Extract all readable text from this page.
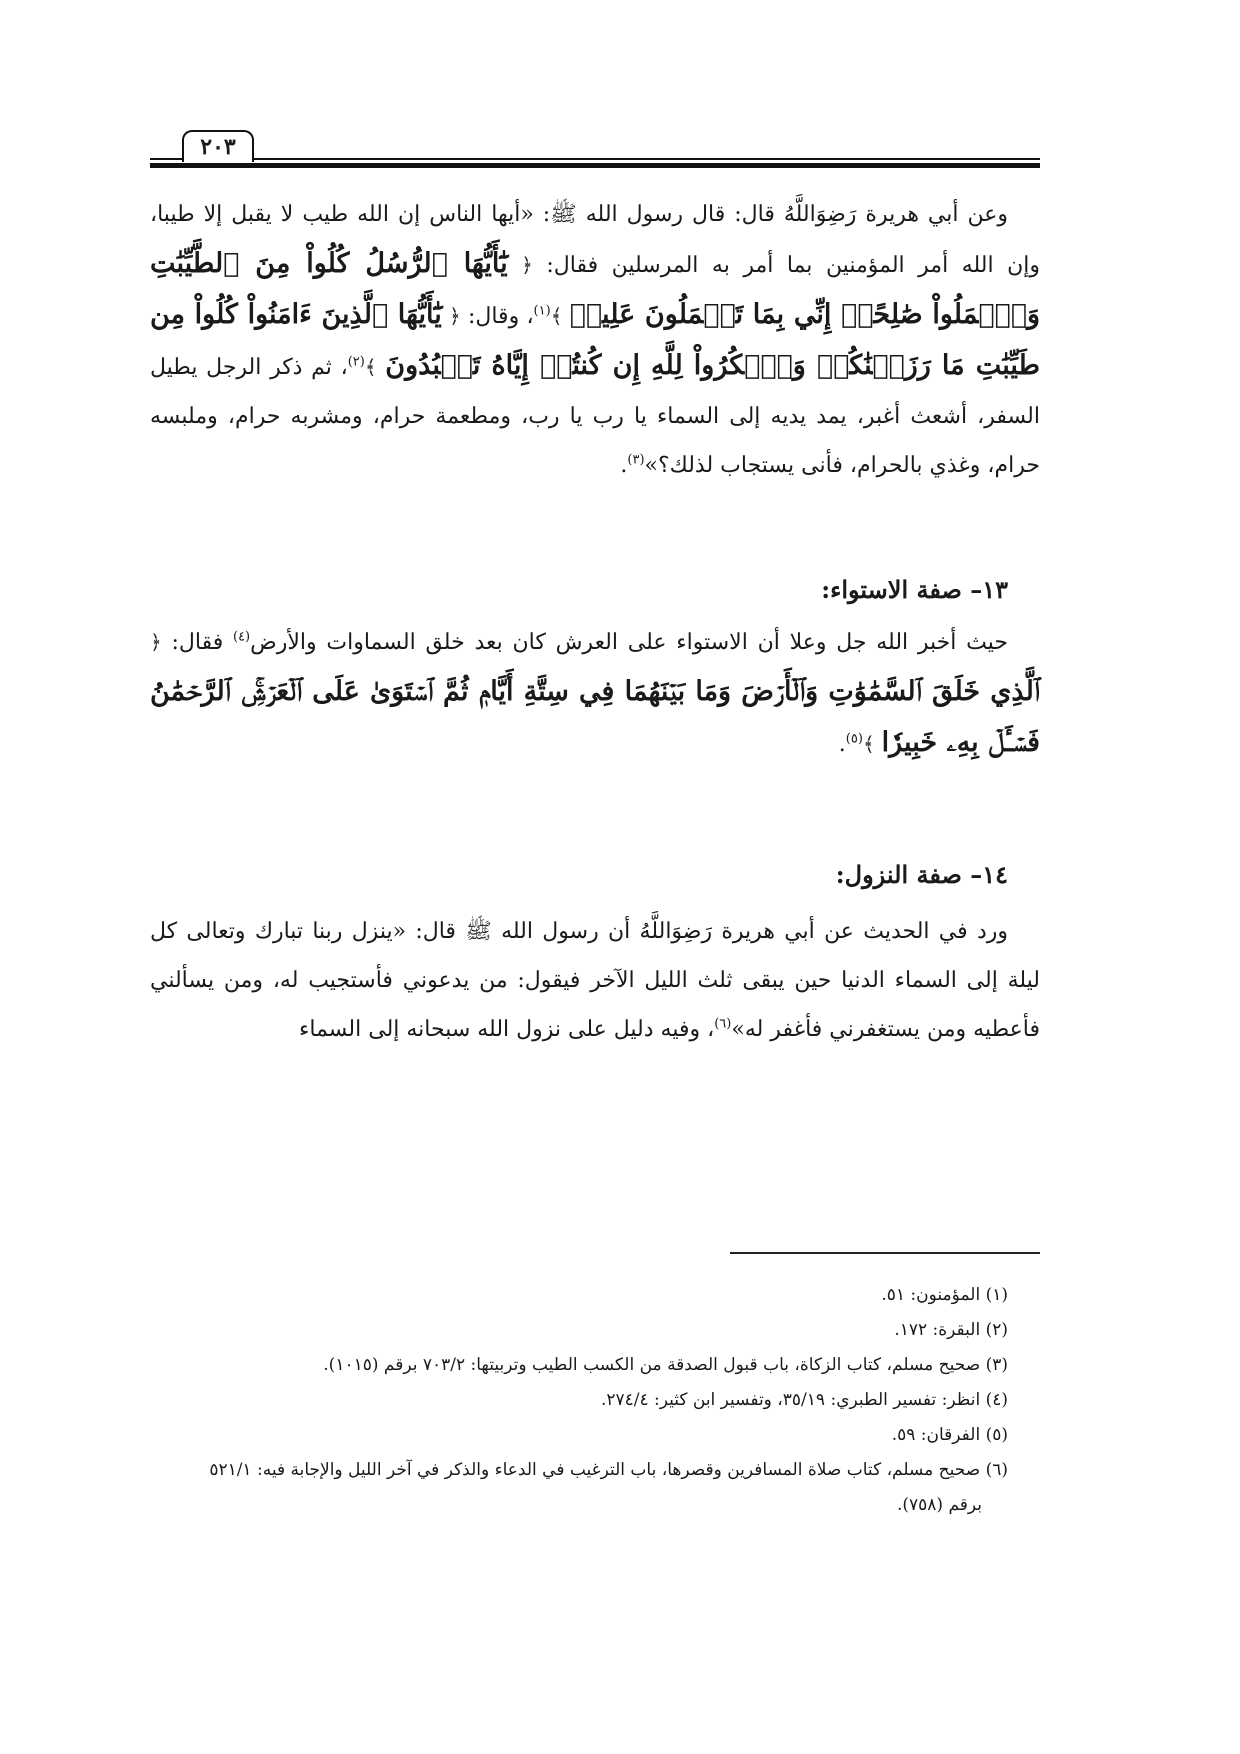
٢٠٣

وعن أبي هريرة رَضِوَاللَّهُ قال: قال رسول الله ﷺ: «أيها الناس إن الله طيب لا يقبل إلا طيبا، وإن الله أمر المؤمنين بما أمر به المرسلين فقال: ﴿ يَٰٓأَيُّهَا ٱلرُّسُلُ كُلُواْ مِنَ ٱلطَّيِّبَٰتِ وَٱعۡمَلُواْ صَٰلِحًاۖ إِنِّي بِمَا تَعۡمَلُونَ عَلِيمٞ ﴾$^{(١)}$، وقال: ﴿ يَٰٓأَيُّهَا ٱلَّذِينَ ءَامَنُواْ كُلُواْ مِن طَيِّبَٰتِ مَا رَزَقۡنَٰكُمۡ وَٱشۡكُرُواْ لِلَّهِ إِن كُنتُمۡ إِيَّاهُ تَعۡبُدُونَ ﴾$^{(٢)}$، ثم ذكر الرجل يطيل السفر، أشعث أغبر، يمد يديه إلى السماء يا رب يا رب، ومطعمة حرام، ومشربه حرام، وملبسه حرام، وغذي بالحرام، فأنى يستجاب لذلك؟»$^{(٣)}$.

١٣– صفة الاستواء:

حيث أخبر الله جل وعلا أن الاستواء على العرش كان بعد خلق السماوات والأرض$^{(٤)}$ فقال: ﴿ ٱلَّذِي خَلَقَ ٱلسَّمَٰوَٰتِ وَٱلۡأَرۡضَ وَمَا بَيۡنَهُمَا فِي سِتَّةِ أَيَّامٖ ثُمَّ ٱسۡتَوَىٰ عَلَى ٱلۡعَرۡشِۚ ٱلرَّحۡمَٰنُ فَسۡـَٔلۡ بِهِۦ خَبِيرٗا ﴾$^{(٥)}$.

١٤– صفة النزول:

ورد في الحديث عن أبي هريرة رَضِوَاللَّهُ أن رسول الله ﷺ قال: «ينزل ربنا تبارك وتعالى كل ليلة إلى السماء الدنيا حين يبقى ثلث الليل الآخر فيقول: من يدعوني فأستجيب له، ومن يسألني فأعطيه ومن يستغفرني فأغفر له»$^{(٦)}$، وفيه دليل على نزول الله سبحانه إلى السماء

(١) المؤمنون: ٥١.

(٢) البقرة: ١٧٢.

(٣) صحيح مسلم، كتاب الزكاة، باب قبول الصدقة من الكسب الطيب وتربيتها: ٧٠٣/٢ برقم (١٠١٥).

(٤) انظر: تفسير الطبري: ٣٥/١٩، وتفسير ابن كثير: ٢٧٤/٤.

(٥) الفرقان: ٥٩.

(٦) صحيح مسلم، كتاب صلاة المسافرين وقصرها، باب الترغيب في الدعاء والذكر في آخر الليل والإجابة فيه: ٥٢١/١

برقم (٧٥٨).
